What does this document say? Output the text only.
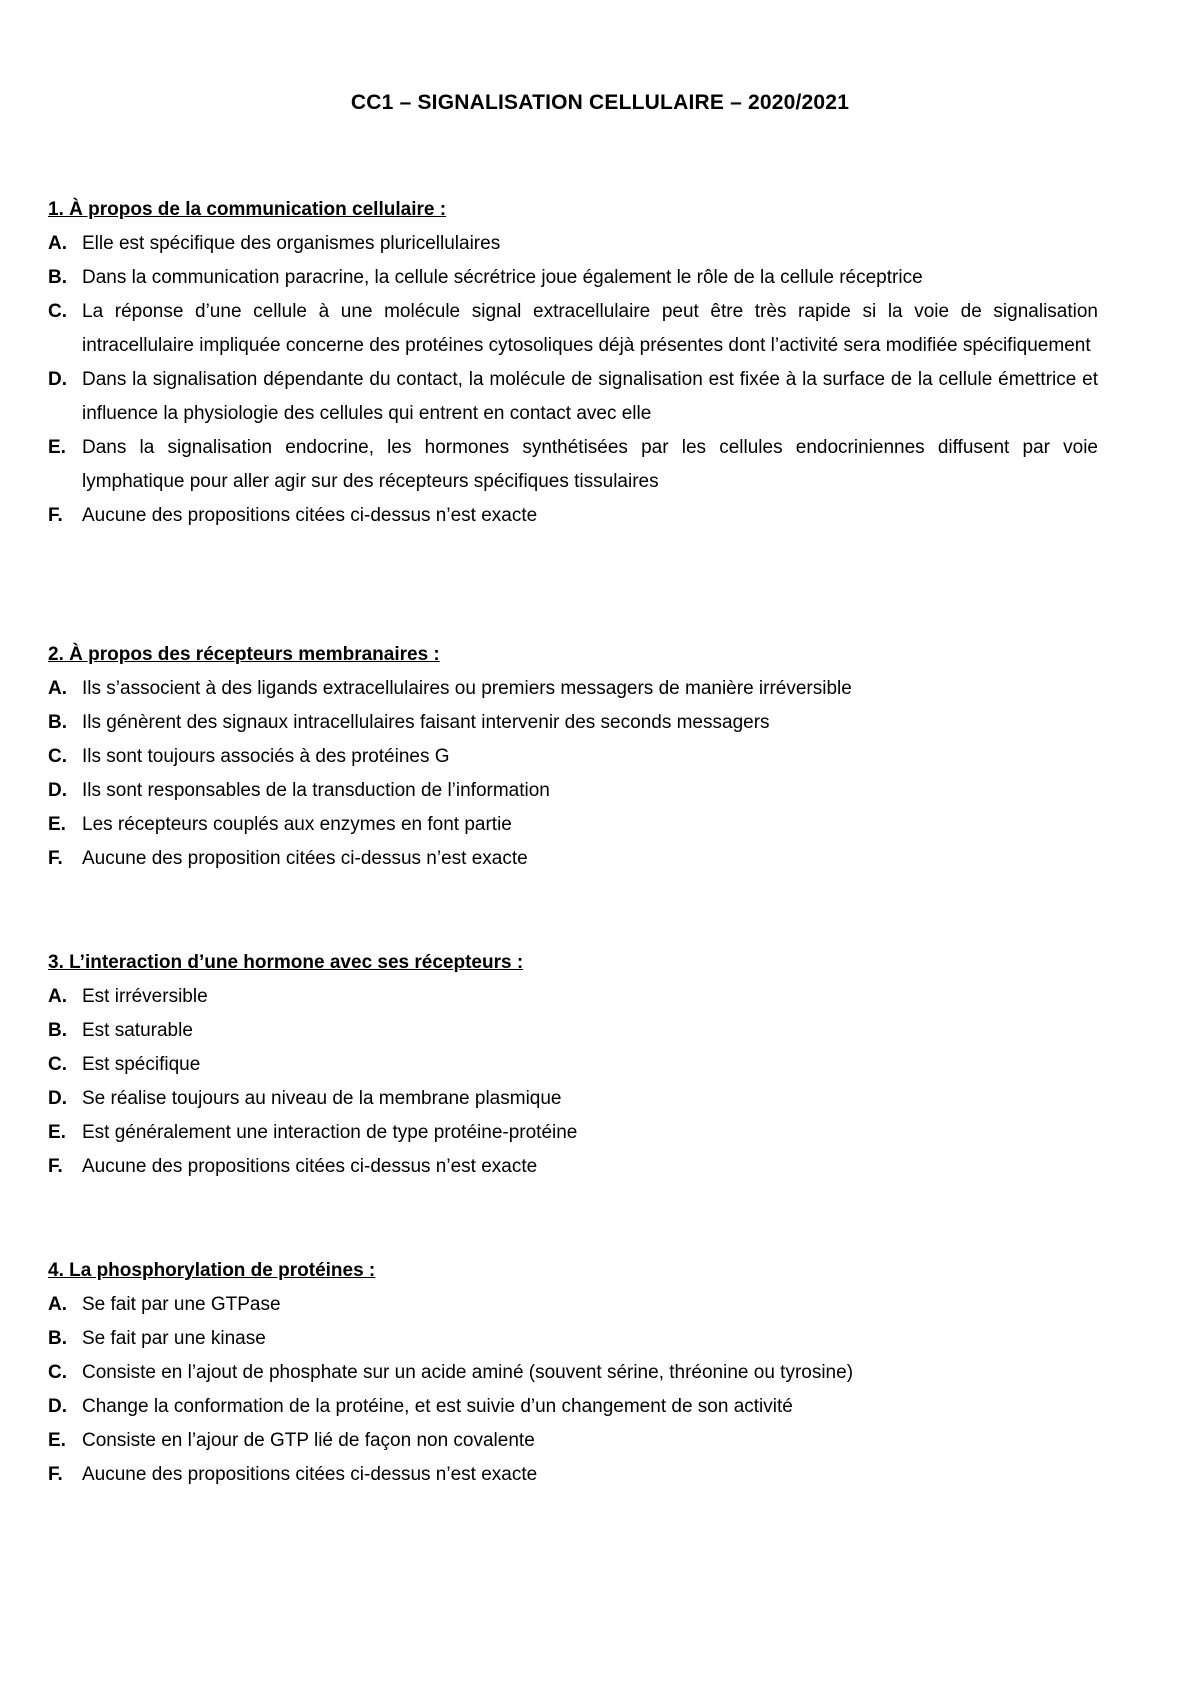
CC1 – SIGNALISATION CELLULAIRE – 2020/2021
1. À propos de la communication cellulaire :
A. Elle est spécifique des organismes pluricellulaires
B. Dans la communication paracrine, la cellule sécrétrice joue également le rôle de la cellule réceptrice
C. La réponse d’une cellule à une molécule signal extracellulaire peut être très rapide si la voie de signalisation intracellulaire impliquée concerne des protéines cytosoliques déjà présentes dont l’activité sera modifiée spécifiquement
D. Dans la signalisation dépendante du contact, la molécule de signalisation est fixée à la surface de la cellule émettrice et influence la physiologie des cellules qui entrent en contact avec elle
E. Dans la signalisation endocrine, les hormones synthétisées par les cellules endocriniennes diffusent par voie lymphatique pour aller agir sur des récepteurs spécifiques tissulaires
F.	Aucune des propositions citées ci-dessus n’est exacte
2. À propos des récepteurs membranaires :
A. Ils s’associent à des ligands extracellulaires ou premiers messagers de manière irréversible
B. Ils génèrent des signaux intracellulaires faisant intervenir des seconds messagers
C. Ils sont toujours associés à des protéines G
D. Ils sont responsables de la transduction de l’information
E. Les récepteurs couplés aux enzymes en font partie
F.	Aucune des proposition citées ci-dessus n’est exacte
3. L’interaction d’une hormone avec ses récepteurs :
A. Est irréversible
B. Est saturable
C. Est spécifique
D. Se réalise toujours au niveau de la membrane plasmique
E. Est généralement une interaction de type protéine-protéine
F.	Aucune des propositions citées ci-dessus n’est exacte
4. La phosphorylation de protéines :
A. Se fait par une GTPase
B. Se fait par une kinase
C. Consiste en l’ajout de phosphate sur un acide aminé (souvent sérine, thréonine ou tyrosine)
D. Change la conformation de la protéine, et est suivie d’un changement de son activité
E. Consiste en l’ajour de GTP lié de façon non covalente
F.	Aucune des propositions citées ci-dessus n’est exacte
